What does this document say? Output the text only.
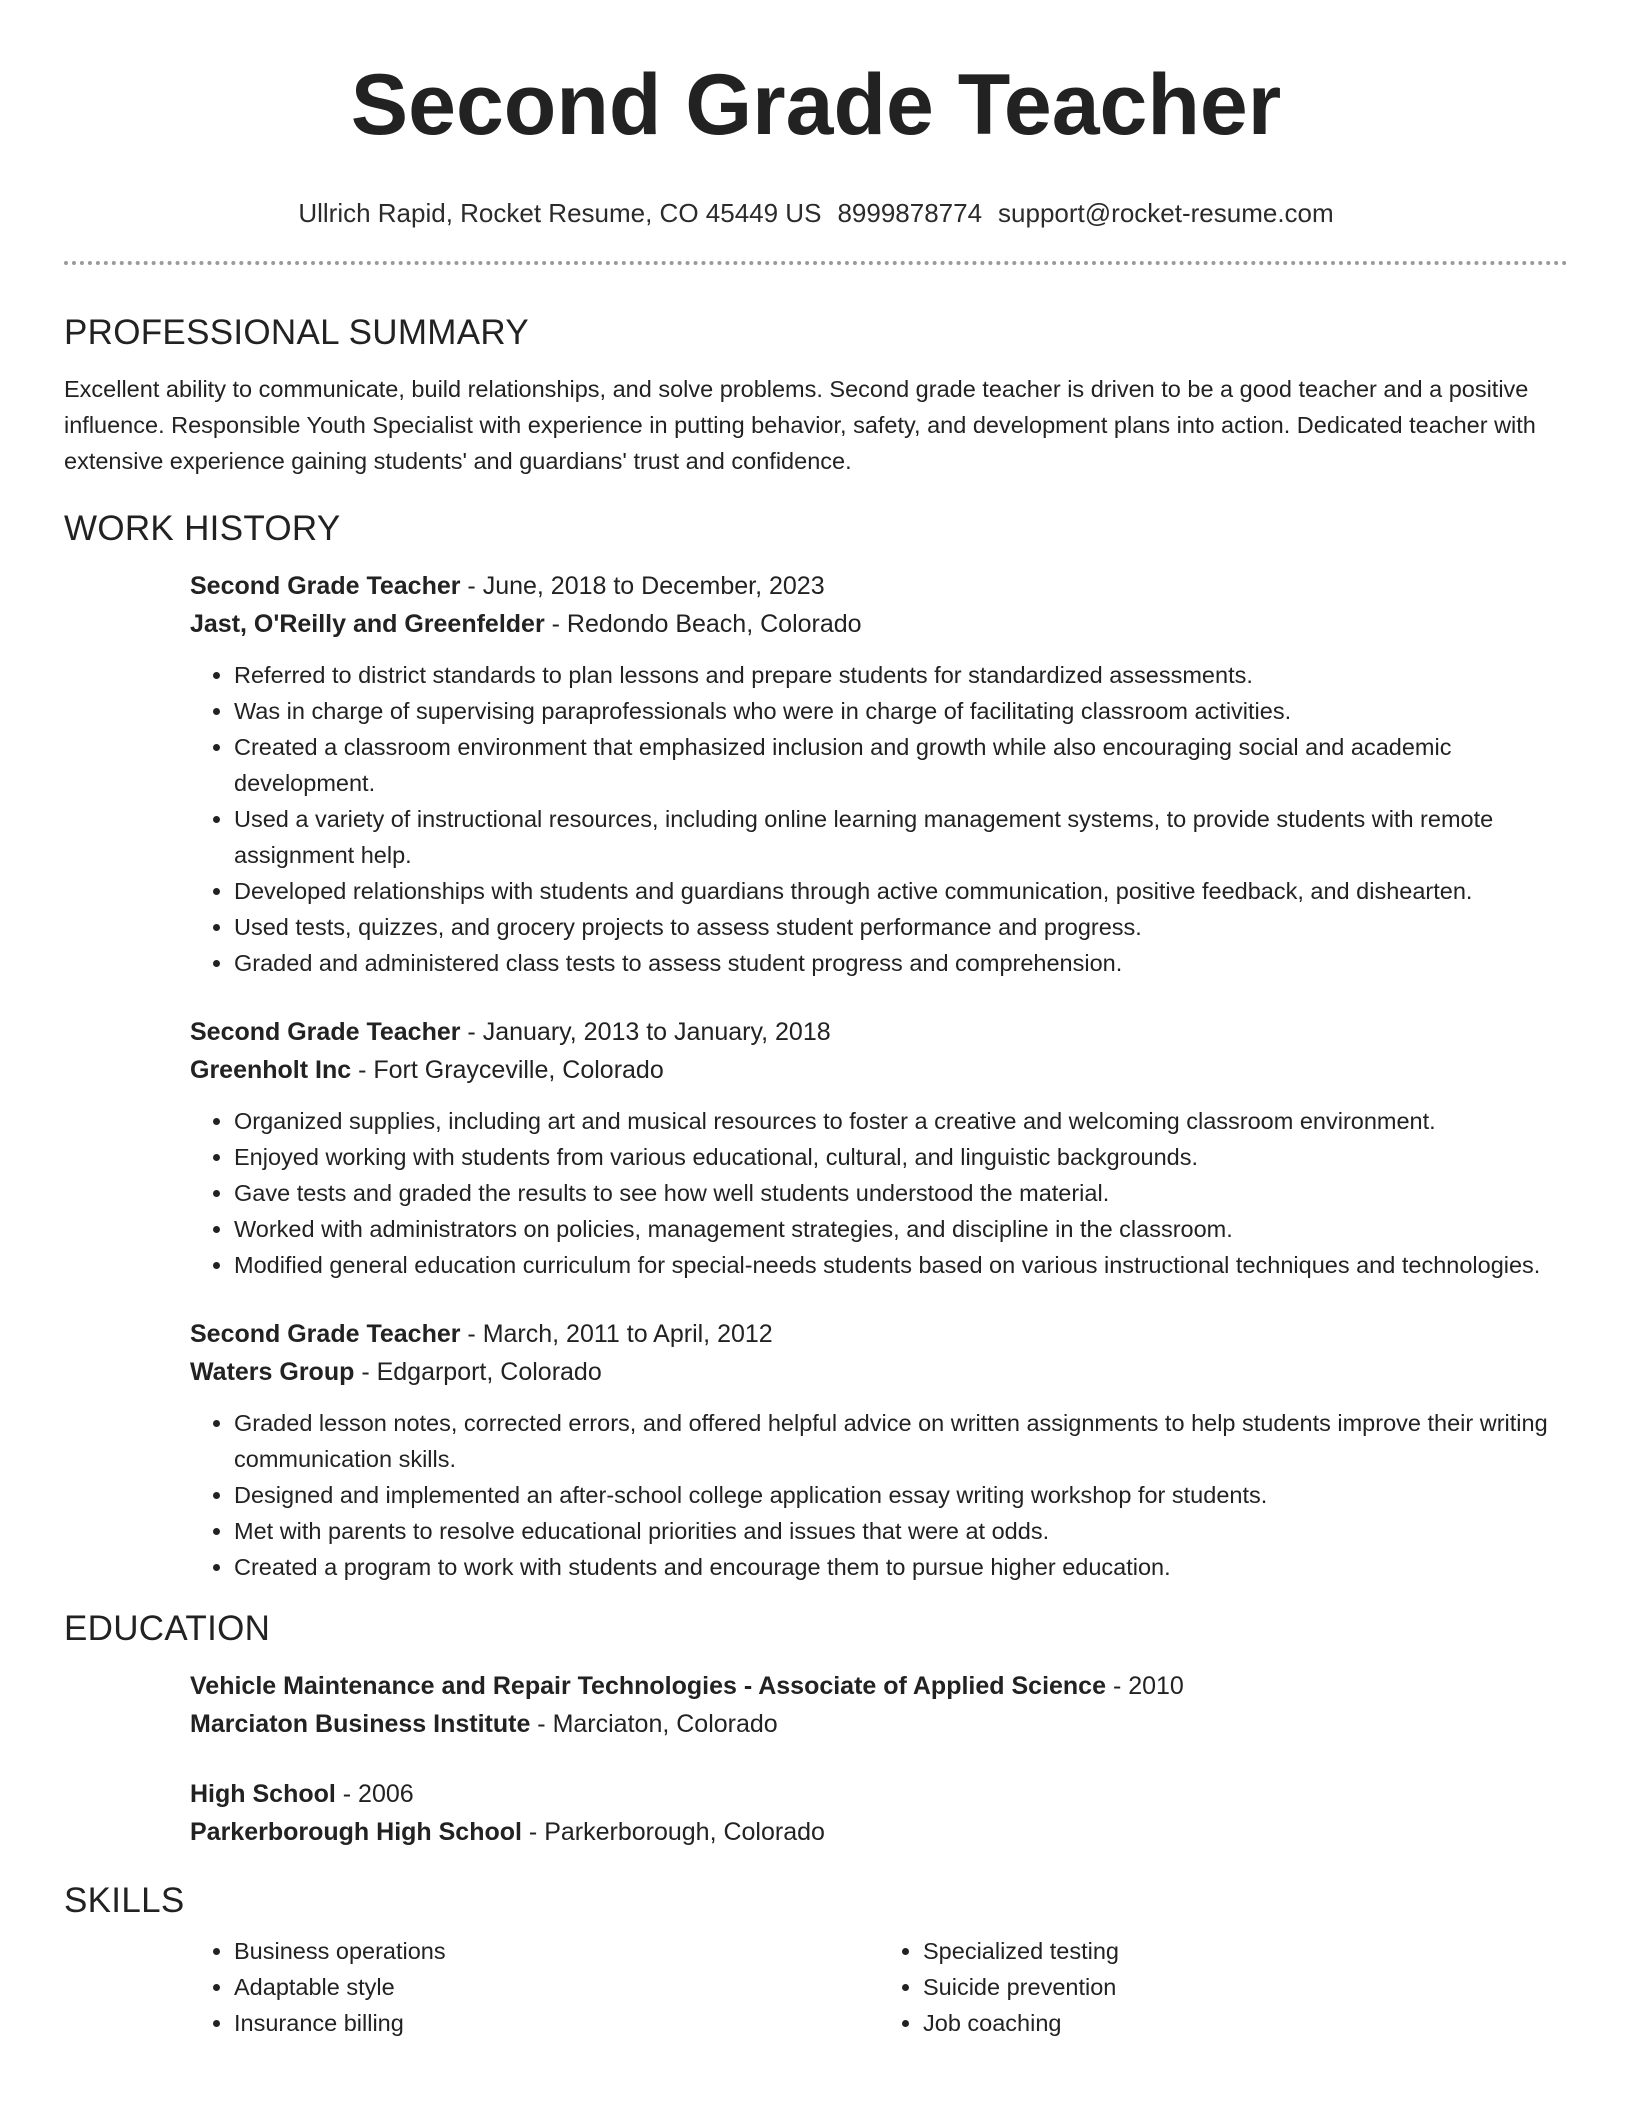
Second Grade Teacher
Ullrich Rapid, Rocket Resume, CO 45449 US 8999878774 support@rocket-resume.com
PROFESSIONAL SUMMARY

Excellent ability to communicate, build relationships, and solve problems. Second grade teacher is driven to be a good teacher and a positive influence. Responsible Youth Specialist with experience in putting behavior, safety, and development plans into action. Dedicated teacher with extensive experience gaining students' and guardians' trust and confidence.

WORK HISTORY

Second Grade Teacher - June, 2018 to December, 2023

Jast, O'Reilly and Greenfelder - Redondo Beach, Colorado

• Referred to district standards to plan lessons and prepare students for standardized assessments.
• Was in charge of supervising paraprofessionals who were in charge of facilitating classroom activities.
• Created a classroom environment that emphasized inclusion and growth while also encouraging social and academic development.
• Used a variety of instructional resources, including online learning management systems, to provide students with remote assignment help.
• Developed relationships with students and guardians through active communication, positive feedback, and dishearten.
• Used tests, quizzes, and grocery projects to assess student performance and progress.
• Graded and administered class tests to assess student progress and comprehension.

Second Grade Teacher - January, 2013 to January, 2018

Greenholt Inc - Fort Grayceville, Colorado

• Organized supplies, including art and musical resources to foster a creative and welcoming classroom environment.
• Enjoyed working with students from various educational, cultural, and linguistic backgrounds.
• Gave tests and graded the results to see how well students understood the material.
• Worked with administrators on policies, management strategies, and discipline in the classroom.
• Modified general education curriculum for special-needs students based on various instructional techniques and technologies.

Second Grade Teacher - March, 2011 to April, 2012

Waters Group - Edgarport, Colorado

• Graded lesson notes, corrected errors, and offered helpful advice on written assignments to help students improve their writing communication skills.
• Designed and implemented an after-school college application essay writing workshop for students.
• Met with parents to resolve educational priorities and issues that were at odds.
• Created a program to work with students and encourage them to pursue higher education.
EDUCATION

Vehicle Maintenance and Repair Technologies - Associate of Applied Science - 2010

Marciaton Business Institute - Marciaton, Colorado

High School - 2006

Parkerborough High School - Parkerborough, Colorado

SKILLS
• Business operations
• Adaptable style
• Insurance billing
• Specialized testing
• Suicide prevention
• Job coaching
